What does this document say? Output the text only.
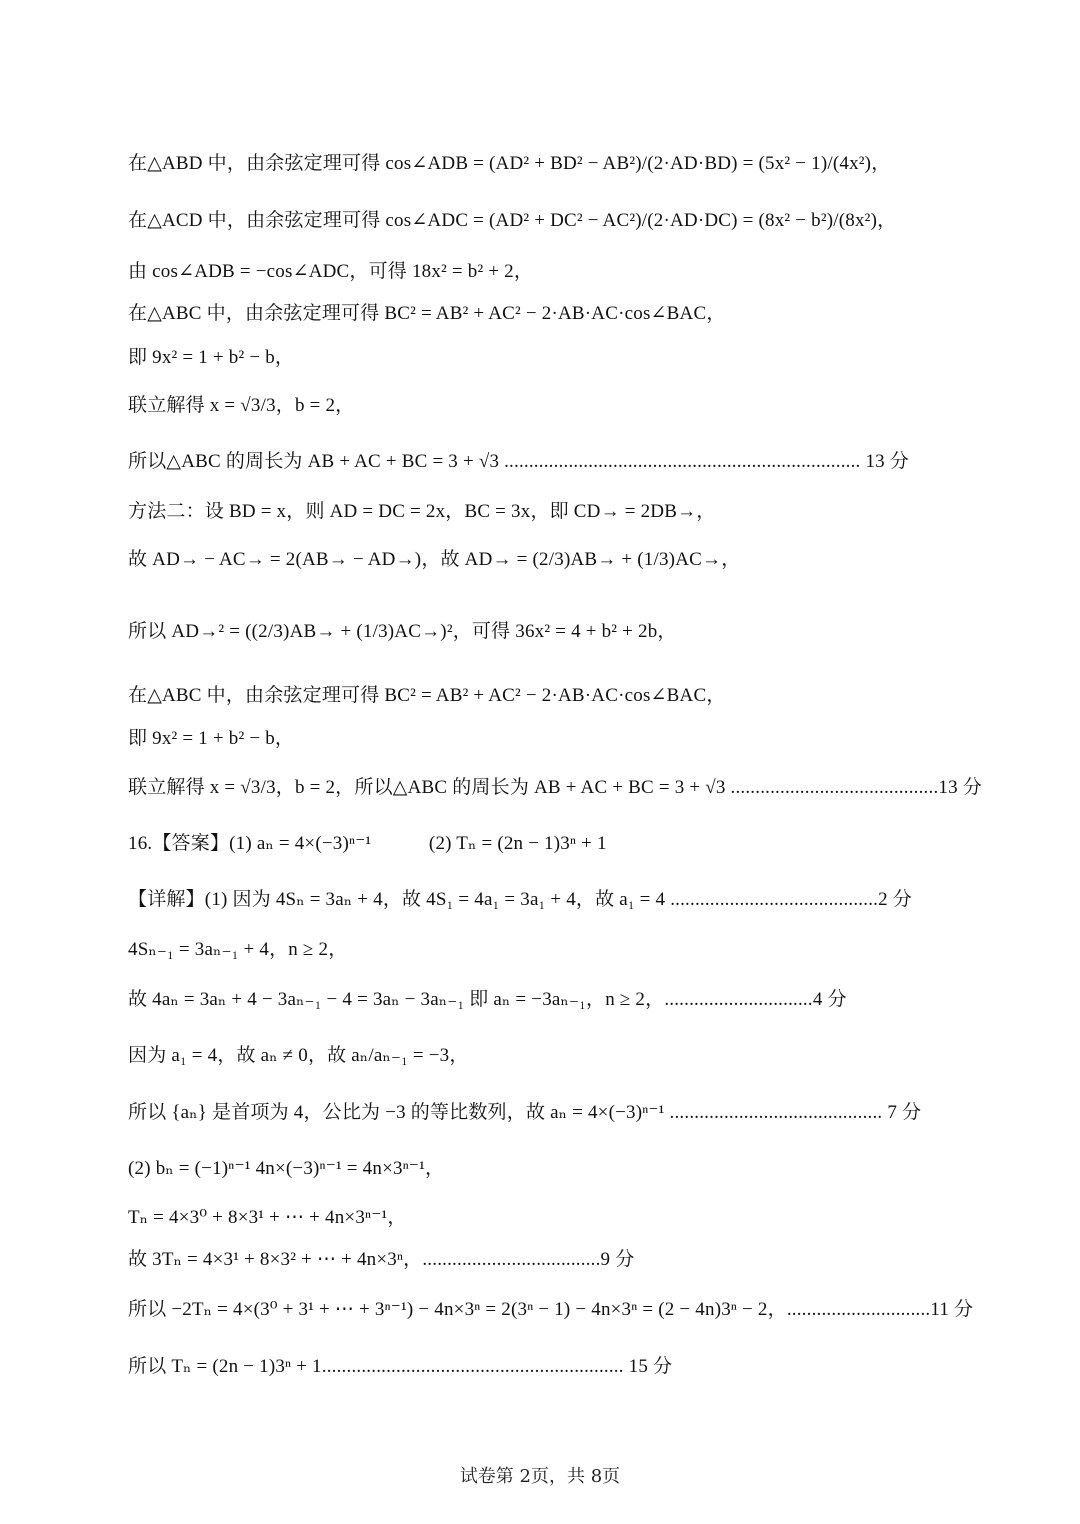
在△ABD 中，由余弦定理可得 cos∠ADB = (AD² + BD² − AB²)/(2·AD·BD) = (5x² − 1)/(4x²)，
在△ACD 中，由余弦定理可得 cos∠ADC = (AD² + DC² − AC²)/(2·AD·DC) = (8x² − b²)/(8x²)，
由 cos∠ADB = −cos∠ADC，可得 18x² = b² + 2，
在△ABC 中，由余弦定理可得 BC² = AB² + AC² − 2·AB·AC·cos∠BAC，
即 9x² = 1 + b² − b，
联立解得 x = √3/3，b = 2，
所以△ABC 的周长为 AB + AC + BC = 3 + √3 ........................................................................ 13 分
方法二：设 BD = x，则 AD = DC = 2x，BC = 3x，即 CD→ = 2DB→，
故 AD→ − AC→ = 2(AB→ − AD→)，故 AD→ = (2/3)AB→ + (1/3)AC→，
所以 AD→² = ((2/3)AB→ + (1/3)AC→)²，可得 36x² = 4 + b² + 2b，
在△ABC 中，由余弦定理可得 BC² = AB² + AC² − 2·AB·AC·cos∠BAC，
即 9x² = 1 + b² − b，
联立解得 x = √3/3，b = 2，所以△ABC 的周长为 AB + AC + BC = 3 + √3 ..........................................13 分
16.【答案】(1) aₙ = 4×(−3)ⁿ⁻¹　　　(2) Tₙ = (2n − 1)3ⁿ + 1
【详解】(1) 因为 4Sₙ = 3aₙ + 4，故 4S₁ = 4a₁ = 3a₁ + 4，故 a₁ = 4 ..........................................2 分
4Sₙ₋₁ = 3aₙ₋₁ + 4，n ≥ 2，
故 4aₙ = 3aₙ + 4 − 3aₙ₋₁ − 4 = 3aₙ − 3aₙ₋₁ 即 aₙ = −3aₙ₋₁，n ≥ 2，..............................4 分
因为 a₁ = 4，故 aₙ ≠ 0，故 aₙ/aₙ₋₁ = −3，
所以 {aₙ} 是首项为 4，公比为 −3 的等比数列，故 aₙ = 4×(−3)ⁿ⁻¹ ........................................... 7 分
(2) bₙ = (−1)ⁿ⁻¹ 4n×(−3)ⁿ⁻¹ = 4n×3ⁿ⁻¹，
Tₙ = 4×3⁰ + 8×3¹ + ⋯ + 4n×3ⁿ⁻¹，
故 3Tₙ = 4×3¹ + 8×3² + ⋯ + 4n×3ⁿ，....................................9 分
所以 −2Tₙ = 4×(3⁰ + 3¹ + ⋯ + 3ⁿ⁻¹) − 4n×3ⁿ = 2(3ⁿ − 1) − 4n×3ⁿ = (2 − 4n)3ⁿ − 2，.............................11 分
所以 Tₙ = (2n − 1)3ⁿ + 1............................................................. 15 分
试卷第 2页，共 8页
